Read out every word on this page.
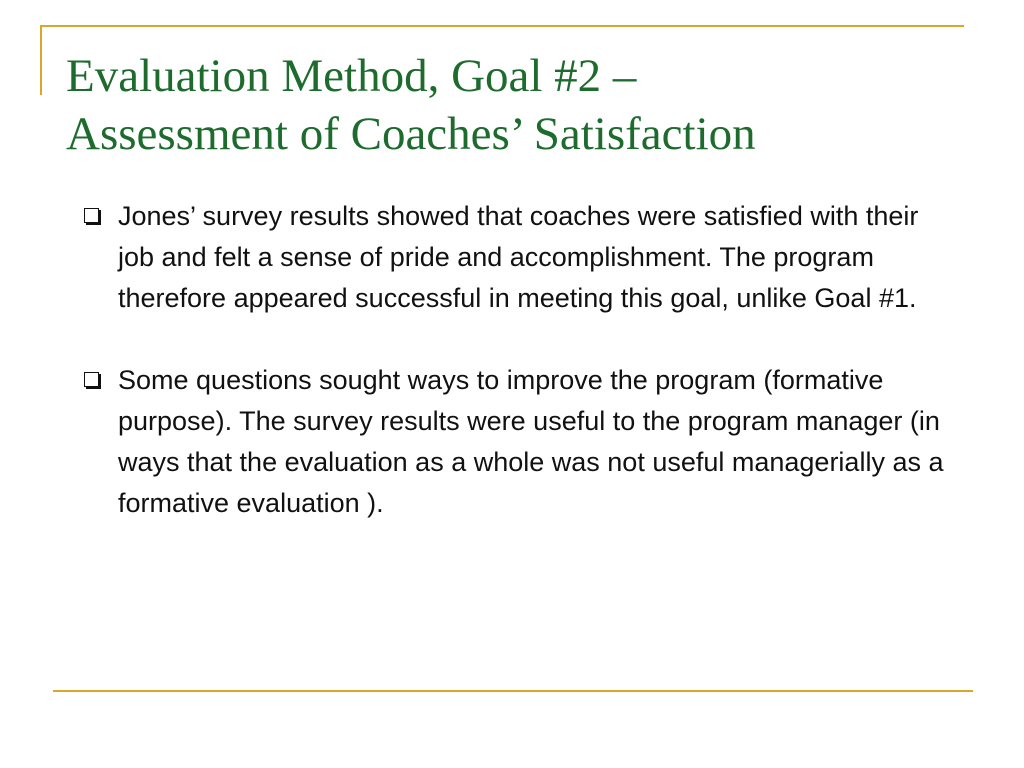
Evaluation Method, Goal #2 –
Assessment of Coaches’ Satisfaction
Jones’ survey results showed that coaches were satisfied with their job and felt a sense of pride and accomplishment. The program therefore appeared successful in meeting this goal, unlike Goal #1.
Some questions sought ways to improve the program (formative purpose). The survey results were useful to the program manager (in ways that the evaluation as a whole was not useful managerially as a formative evaluation ).
